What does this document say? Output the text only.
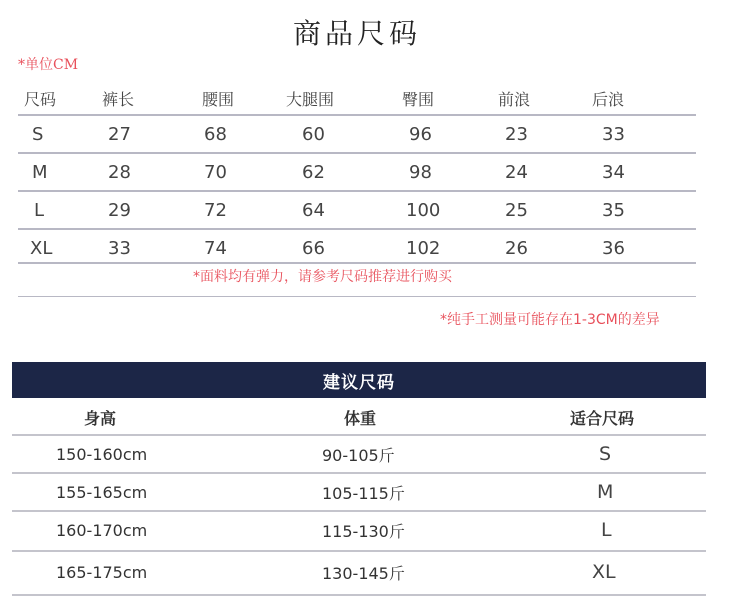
商品尺码
*单位CM
尺码	裤长	腰围	大腿围	臀围	前浪	后浪
S	27	68	60	96	23	33
M	28	70	62	98	24	34
L	29	72	64	100	25	35
XL	33	74	66	102	26	36
*面料均有弹力，请参考尺码推荐进行购买
*纯手工测量可能存在1-3CM的差异
建议尺码
身高	体重	适合尺码
150-160cm	90-105斤	S
155-165cm	105-115斤	M
160-170cm	115-130斤	L
165-175cm	130-145斤	XL
